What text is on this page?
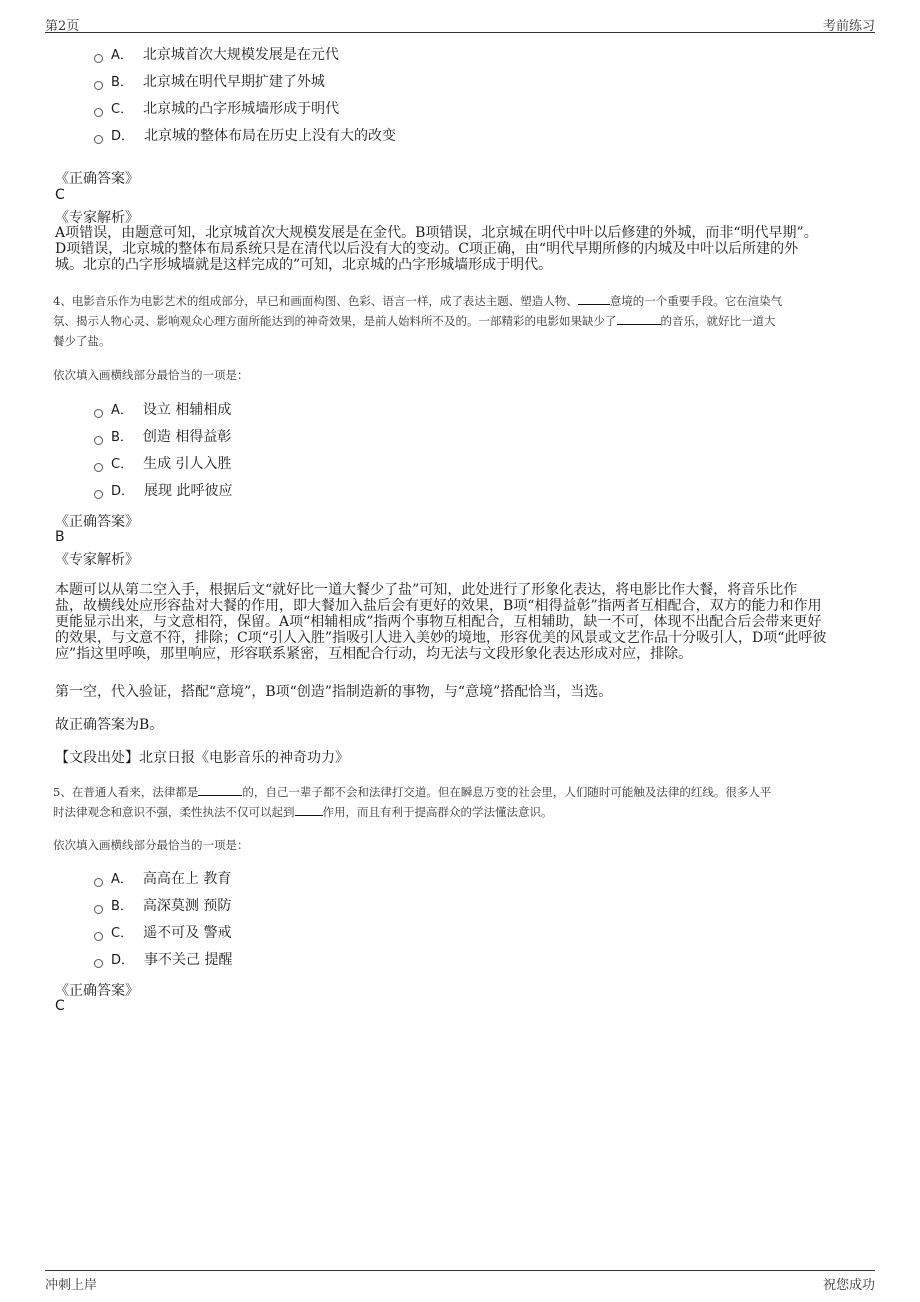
第2页	考前练习
A． 北京城首次大规模发展是在元代
B． 北京城在明代早期扩建了外城
C． 北京城的凸字形城墙形成于明代
D． 北京城的整体布局在历史上没有大的改变
《正确答案》
C
《专家解析》
A项错误，由题意可知，北京城首次大规模发展是在金代。B项错误，北京城在明代中叶以后修建的外城，而非“明代早期”。
D项错误，北京城的整体布局系统只是在清代以后没有大的变动。C项正确，由“明代早期所修的内城及中叶以后所建的外
城。北京的凸字形城墙就是这样完成的”可知，北京城的凸字形城墙形成于明代。
4、电影音乐作为电影艺术的组成部分，早已和画面构图、色彩、语言一样，成了表达主题、塑造人物、	意境的一个重要手段。它在渲染气
氛、揭示人物心灵、影响观众心理方面所能达到的神奇效果，是前人始料所不及的。一部精彩的电影如果缺少了	的音乐，就好比一道大
餐少了盐。
依次填入画横线部分最恰当的一项是：
A． 设立 相辅相成
B． 创造 相得益彰
C． 生成 引人入胜
D． 展现 此呼彼应
《正确答案》
B
《专家解析》
本题可以从第二空入手，根据后文“就好比一道大餐少了盐”可知，此处进行了形象化表达，将电影比作大餐，将音乐比作
盐，故横线处应形容盐对大餐的作用，即大餐加入盐后会有更好的效果，B项“相得益彰”指两者互相配合，双方的能力和作用
更能显示出来，与文意相符，保留。A项“相辅相成”指两个事物互相配合，互相辅助，缺一不可，体现不出配合后会带来更好
的效果，与文意不符，排除；C项“引人入胜”指吸引人进入美妙的境地，形容优美的风景或文艺作品十分吸引人，D项“此呼彼
应”指这里呼唤，那里响应，形容联系紧密，互相配合行动，均无法与文段形象化表达形成对应，排除。
第一空，代入验证，搭配“意境”，B项“创造”指制造新的事物，与“意境”搭配恰当，当选。
故正确答案为B。
【文段出处】北京日报《电影音乐的神奇功力》
5、在普通人看来，法律都是	的，自己一辈子都不会和法律打交道。但在瞬息万变的社会里，人们随时可能触及法律的红线。很多人平
时法律观念和意识不强，柔性执法不仅可以起到 作用，而且有利于提高群众的学法懂法意识。
依次填入画横线部分最恰当的一项是：
A． 高高在上 教育
B． 高深莫测 预防
C． 遥不可及 警戒
D． 事不关己 提醒
《正确答案》
C
冲刺上岸	祝您成功
